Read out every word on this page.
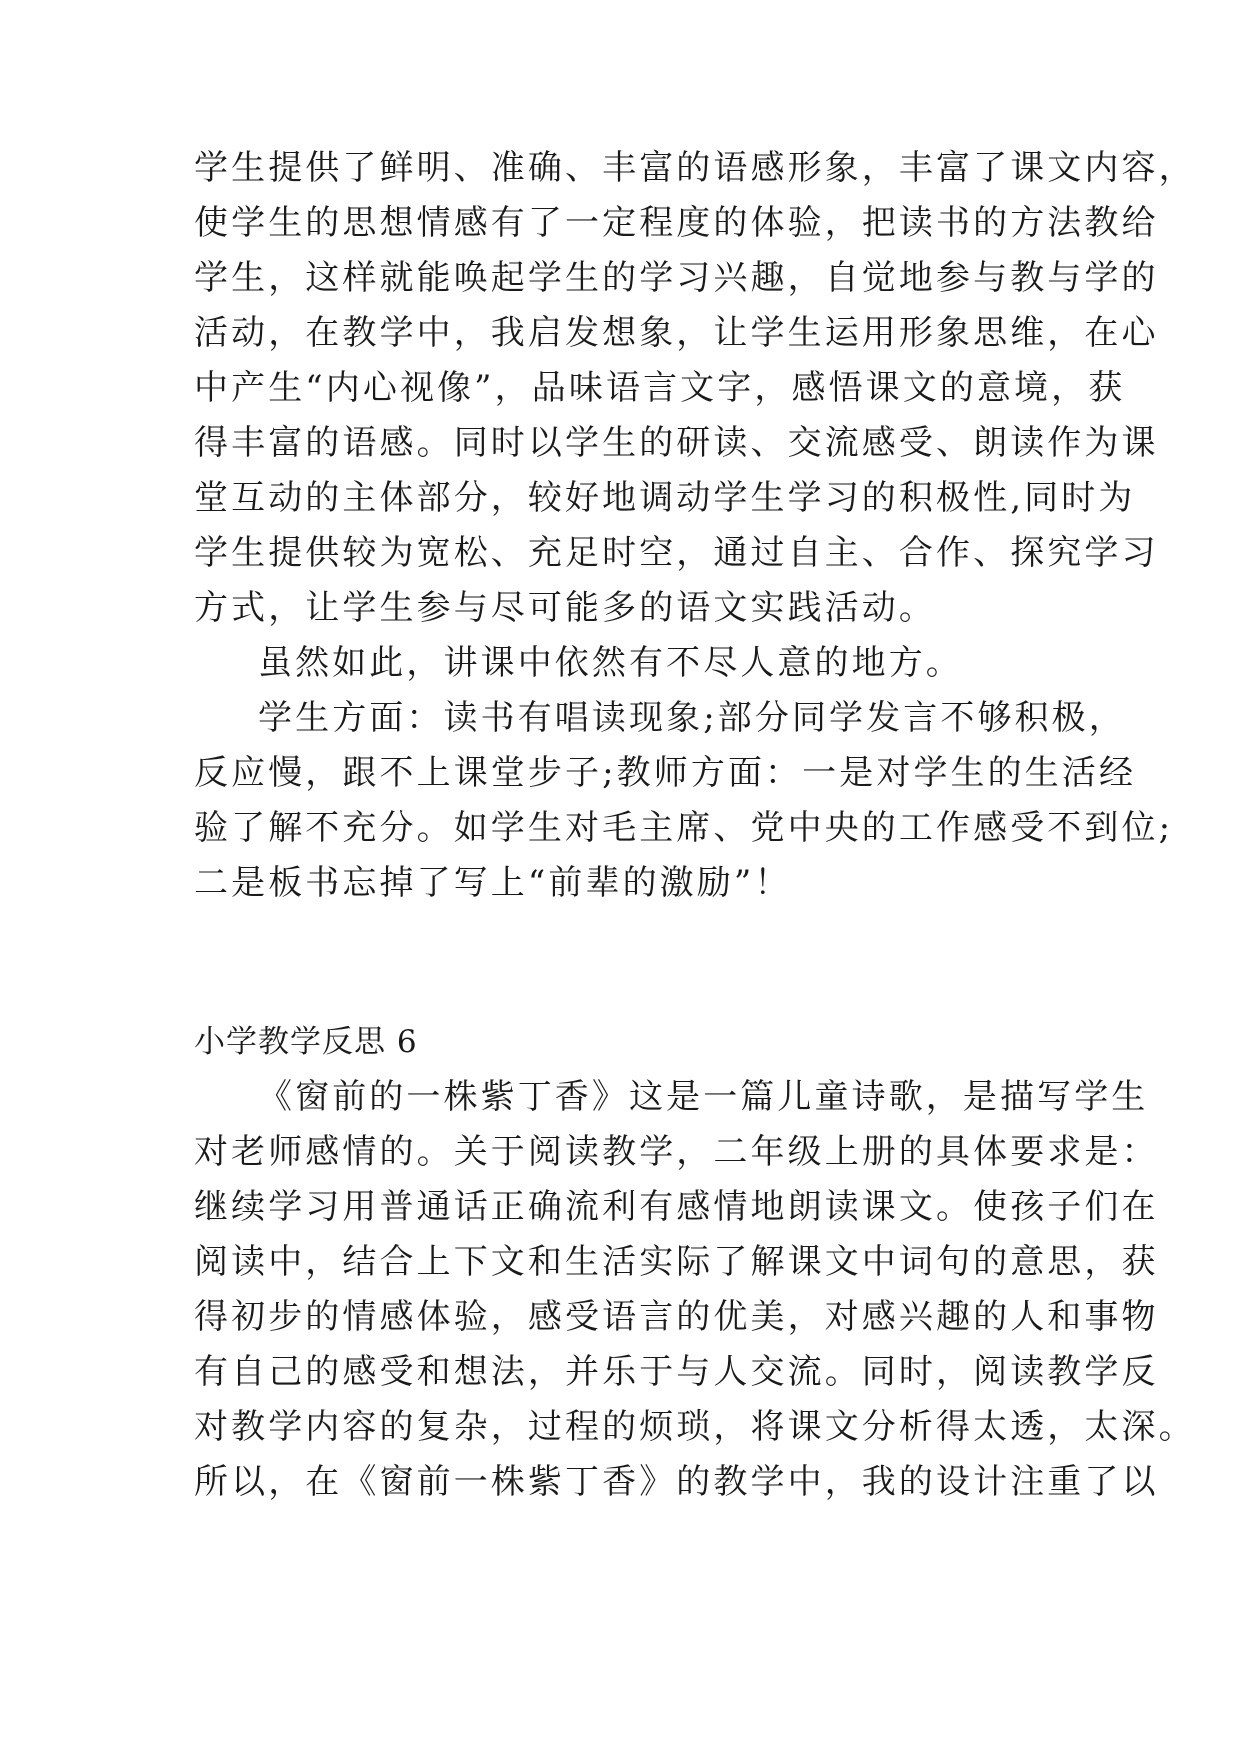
学生提供了鲜明、准确、丰富的语感形象，丰富了课文内容，
使学生的思想情感有了一定程度的体验，把读书的方法教给
学生，这样就能唤起学生的学习兴趣，自觉地参与教与学的
活动，在教学中，我启发想象，让学生运用形象思维，在心
中产生“内心视像”，品味语言文字，感悟课文的意境，获
得丰富的语感。同时以学生的研读、交流感受、朗读作为课
堂互动的主体部分，较好地调动学生学习的积极性,同时为
学生提供较为宽松、充足时空，通过自主、合作、探究学习
方式，让学生参与尽可能多的语文实践活动。
虽然如此，讲课中依然有不尽人意的地方。
学生方面：读书有唱读现象;部分同学发言不够积极，
反应慢，跟不上课堂步子;教师方面：一是对学生的生活经
验了解不充分。如学生对毛主席、党中央的工作感受不到位;
二是板书忘掉了写上“前辈的激励”！
小学教学反思 6
《窗前的一株紫丁香》这是一篇儿童诗歌，是描写学生
对老师感情的。关于阅读教学，二年级上册的具体要求是：
继续学习用普通话正确流利有感情地朗读课文。使孩子们在
阅读中，结合上下文和生活实际了解课文中词句的意思，获
得初步的情感体验，感受语言的优美，对感兴趣的人和事物
有自己的感受和想法，并乐于与人交流。同时，阅读教学反
对教学内容的复杂，过程的烦琐，将课文分析得太透，太深。
所以，在《窗前一株紫丁香》的教学中，我的设计注重了以
